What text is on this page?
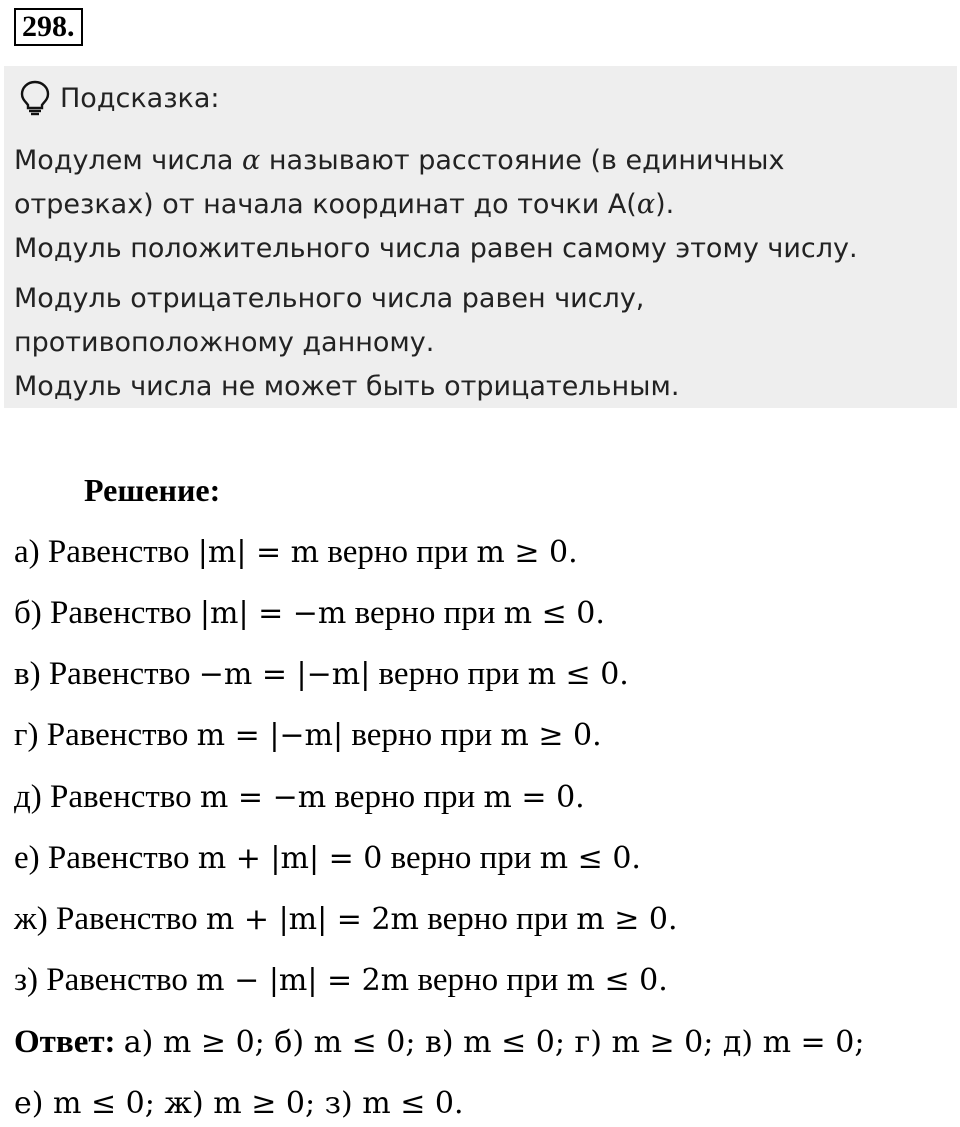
298.
Подсказка:
Модулем числа α называют расстояние (в единичных
отрезках) от начала координат до точки А(α).
Модуль положительного числа равен самому этому числу.
Модуль отрицательного числа равен числу,
противоположному данному.
Модуль числа не может быть отрицательным.
Решение:
а) Равенство |m| = m верно при m ≥ 0.
б) Равенство |m| = −m верно при m ≤ 0.
в) Равенство −m = |−m| верно при m ≤ 0.
г) Равенство m = |−m| верно при m ≥ 0.
д) Равенство m = −m верно при m = 0.
е) Равенство m + |m| = 0 верно при m ≤ 0.
ж) Равенство m + |m| = 2m верно при m ≥ 0.
з) Равенство m − |m| = 2m верно при m ≤ 0.
Ответ: а) m ≥ 0; б) m ≤ 0; в) m ≤ 0; г) m ≥ 0; д) m = 0;
е) m ≤ 0; ж) m ≥ 0; з) m ≤ 0.
